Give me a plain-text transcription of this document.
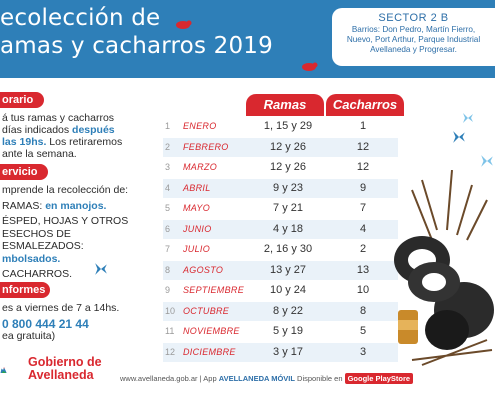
ecolección de
amas y cacharros 2019
SECTOR 2 B
Barrios: Don Pedro, Martín Fierro,
Nuevo, Port Arthur, Parque Industrial
Avellaneda y Progresar.
orario
á tus ramas y cacharros
días indicados después
las 19hs. Los retiraremos
ante la semana.
ervicio
mprende la recolección de:
RAMAS: en manojos.
ÉSPED, HOJAS Y OTROS
ESECHOS DE
ESMALEZADOS:
mbolsados.
CACHARROS.
nformes
es a viernes de 7 a 14hs.
0 800 444 21 44
ea gratuita)
Gobierno de
Avellaneda
Ramas	Cacharros
1 ENERO	1, 15 y 29	1
2 FEBRERO	12 y 26	12
3 MARZO	12 y 26	12
4 ABRIL	9 y 23	9
5 MAYO	7 y 21	7
6 JUNIO	4 y 18	4
7 JULIO	2, 16 y 30	2
8 AGOSTO	13 y 27	13
9 SEPTIEMBRE	10 y 24	10
10 OCTUBRE	8 y 22	8
11 NOVIEMBRE	5 y 19	5
12 DICIEMBRE	3 y 17	3
www.avellaneda.gob.ar | App AVELLANEDA MÓVIL Disponible en Google PlayStore
